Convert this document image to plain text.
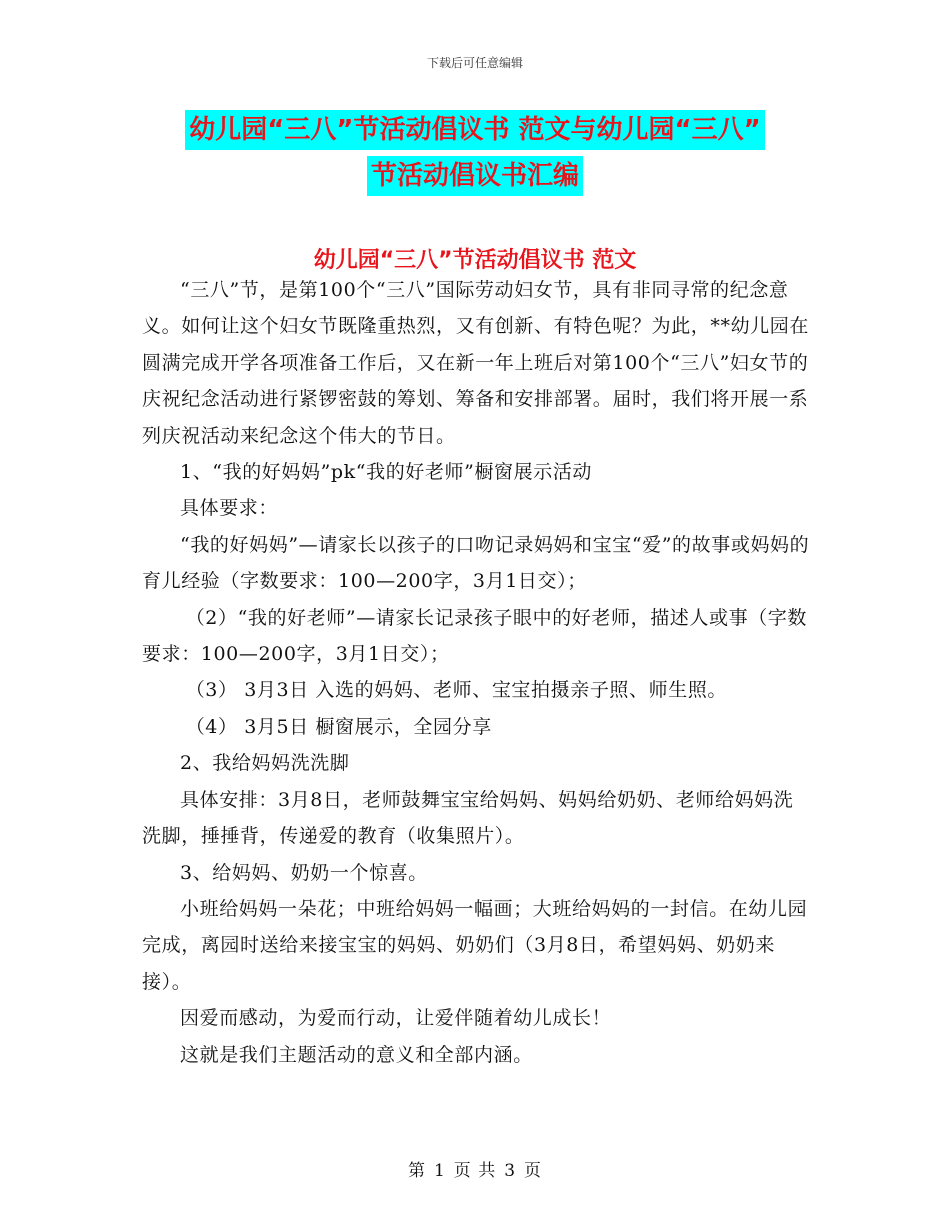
下载后可任意编辑
幼儿园“三八”节活动倡议书 范文与幼儿园“三八”
节活动倡议书汇编
幼儿园“三八”节活动倡议书 范文

“三八”节，是第100个“三八”国际劳动妇女节，具有非同寻常的纪念意义。如何让这个妇女节既隆重热烈，又有创新、有特色呢？为此，**幼儿园在圆满完成开学各项准备工作后，又在新一年上班后对第100个“三八”妇女节的庆祝纪念活动进行紧锣密鼓的筹划、筹备和安排部署。届时，我们将开展一系列庆祝活动来纪念这个伟大的节日。

1、“我的好妈妈”pk“我的好老师”橱窗展示活动

具体要求：

“我的好妈妈”—请家长以孩子的口吻记录妈妈和宝宝“爱”的故事或妈妈的育儿经验（字数要求：100—200字，3月1日交）；

（2）“我的好老师”—请家长记录孩子眼中的好老师，描述人或事（字数要求：100—200字，3月1日交）；

（3） 3月3日 入选的妈妈、老师、宝宝拍摄亲子照、师生照。

（4） 3月5日 橱窗展示，全园分享

2、我给妈妈洗洗脚

具体安排：3月8日，老师鼓舞宝宝给妈妈、妈妈给奶奶、老师给妈妈洗洗脚，捶捶背，传递爱的教育（收集照片）。

3、给妈妈、奶奶一个惊喜。

小班给妈妈一朵花；中班给妈妈一幅画；大班给妈妈的一封信。在幼儿园完成，离园时送给来接宝宝的妈妈、奶奶们（3月8日，希望妈妈、奶奶来接）。

因爱而感动，为爱而行动，让爱伴随着幼儿成长！

这就是我们主题活动的意义和全部内涵。

第 1 页 共 3 页
